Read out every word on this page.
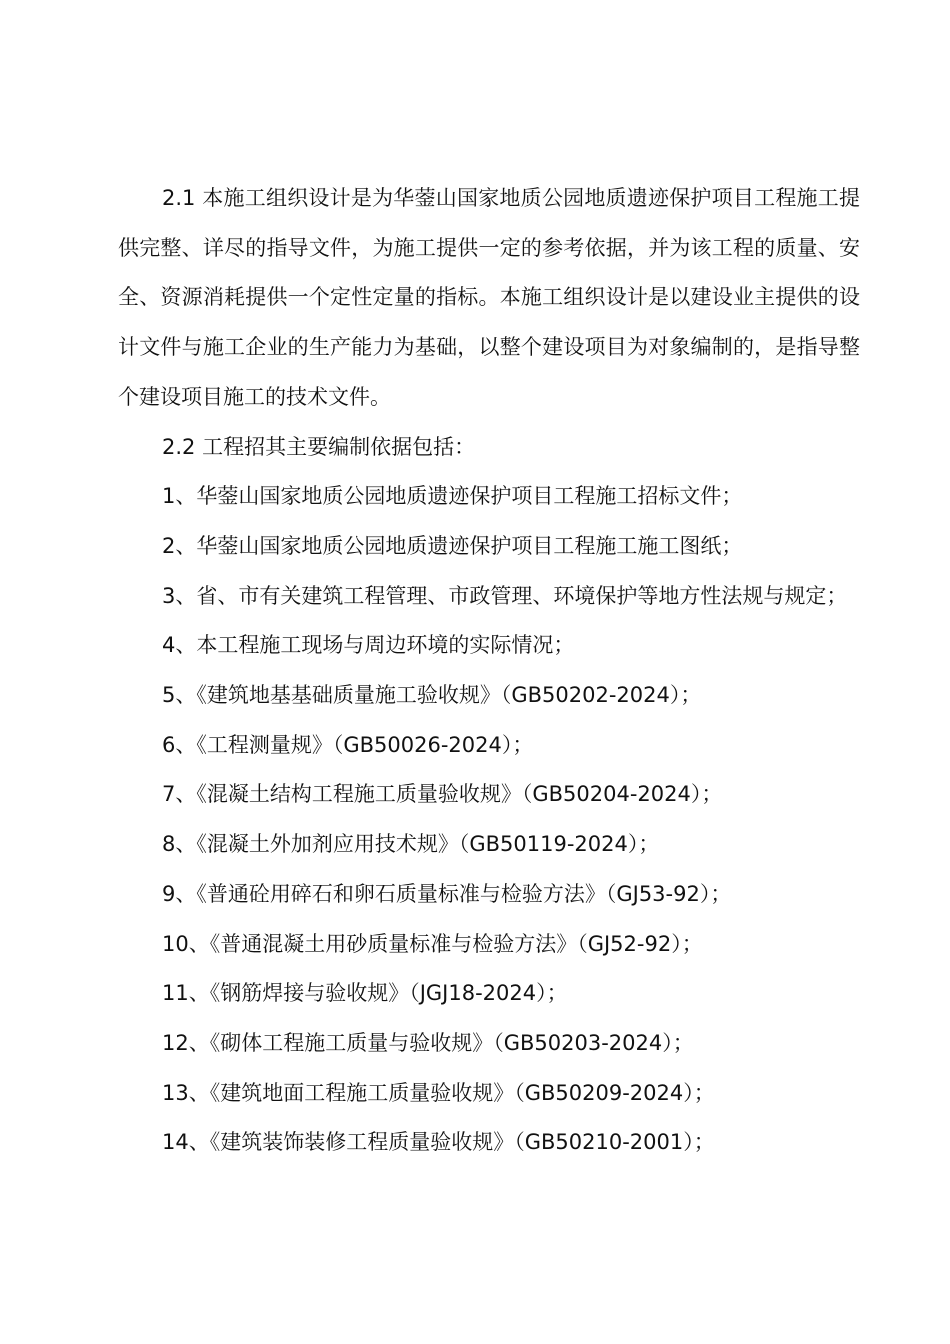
2.1 本施工组织设计是为华蓥山国家地质公园地质遗迹保护项目工程施工提供完整、详尽的指导文件，为施工提供一定的参考依据，并为该工程的质量、安全、资源消耗提供一个定性定量的指标。本施工组织设计是以建设业主提供的设计文件与施工企业的生产能力为基础，以整个建设项目为对象编制的，是指导整个建设项目施工的技术文件。

2.2 工程招其主要编制依据包括：

1、华蓥山国家地质公园地质遗迹保护项目工程施工招标文件；

2、华蓥山国家地质公园地质遗迹保护项目工程施工施工图纸；

3、省、市有关建筑工程管理、市政管理、环境保护等地方性法规与规定；

4、本工程施工现场与周边环境的实际情况；

5、《建筑地基基础质量施工验收规》（GB50202-2024）；

6、《工程测量规》（GB50026-2024）；

7、《混凝土结构工程施工质量验收规》（GB50204-2024）；

8、《混凝土外加剂应用技术规》（GB50119-2024）；

9、《普通砼用碎石和卵石质量标准与检验方法》（GJ53-92）；

10、《普通混凝土用砂质量标准与检验方法》（GJ52-92）；

11、《钢筋焊接与验收规》（JGJ18-2024）；

12、《砌体工程施工质量与验收规》（GB50203-2024）；

13、《建筑地面工程施工质量验收规》（GB50209-2024）；

14、《建筑装饰装修工程质量验收规》（GB50210-2001）；
